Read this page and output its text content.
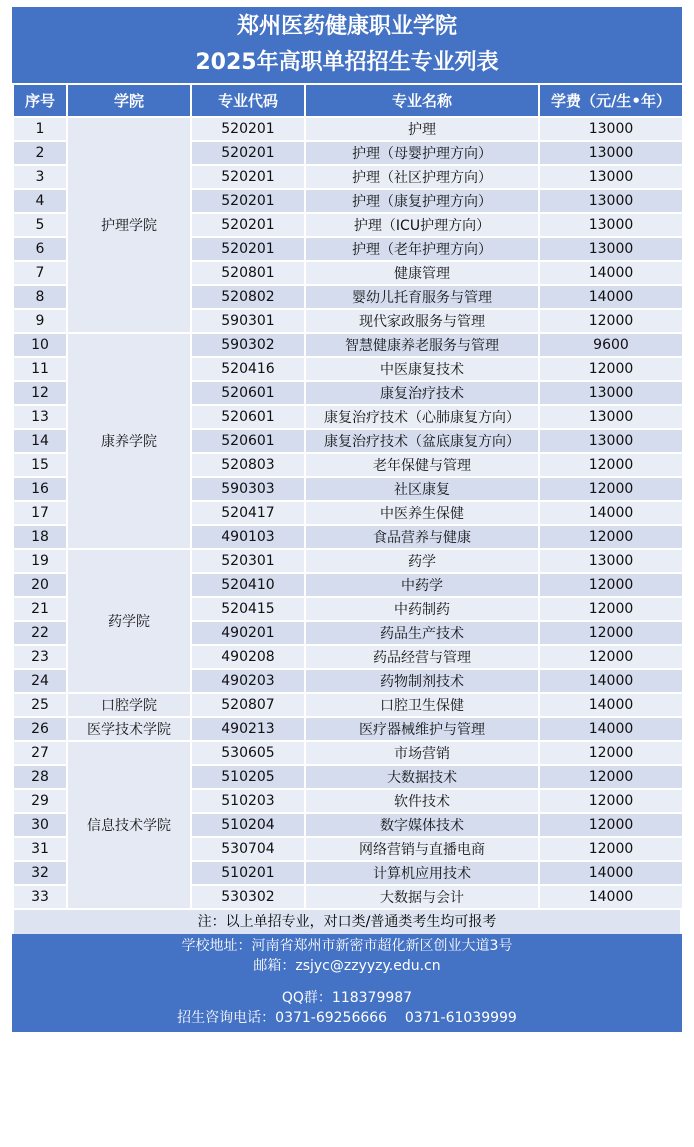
郑州医药健康职业学院
2025年高职单招招生专业列表
序号	学院	专业代码	专业名称	学费（元/生•年）
1	护理学院	520201	护理	13000
2		520201	护理（母婴护理方向）	13000
3		520201	护理（社区护理方向）	13000
4		520201	护理（康复护理方向）	13000
5		520201	护理（ICU护理方向）	13000
6		520201	护理（老年护理方向）	13000
7		520801	健康管理	14000
8		520802	婴幼儿托育服务与管理	14000
9		590301	现代家政服务与管理	12000
10	康养学院	590302	智慧健康养老服务与管理	9600
11		520416	中医康复技术	12000
12		520601	康复治疗技术	13000
13		520601	康复治疗技术（心肺康复方向）	13000
14		520601	康复治疗技术（盆底康复方向）	13000
15		520803	老年保健与管理	12000
16		590303	社区康复	12000
17		520417	中医养生保健	14000
18		490103	食品营养与健康	12000
19	药学院	520301	药学	13000
20		520410	中药学	12000
21		520415	中药制药	12000
22		490201	药品生产技术	12000
23		490208	药品经营与管理	12000
24		490203	药物制剂技术	14000
25	口腔学院	520807	口腔卫生保健	14000
26	医学技术学院	490213	医疗器械维护与管理	14000
27	信息技术学院	530605	市场营销	12000
28		510205	大数据技术	12000
29		510203	软件技术	12000
30		510204	数字媒体技术	12000
31		530704	网络营销与直播电商	12000
32		510201	计算机应用技术	14000
33		530302	大数据与会计	14000
注：以上单招专业，对口类/普通类考生均可报考
学校地址：河南省郑州市新密市超化新区创业大道3号
邮箱：zsjyc@zzyyzy.edu.cn
QQ群：118379987
招生咨询电话：0371-69256666    0371-61039999
